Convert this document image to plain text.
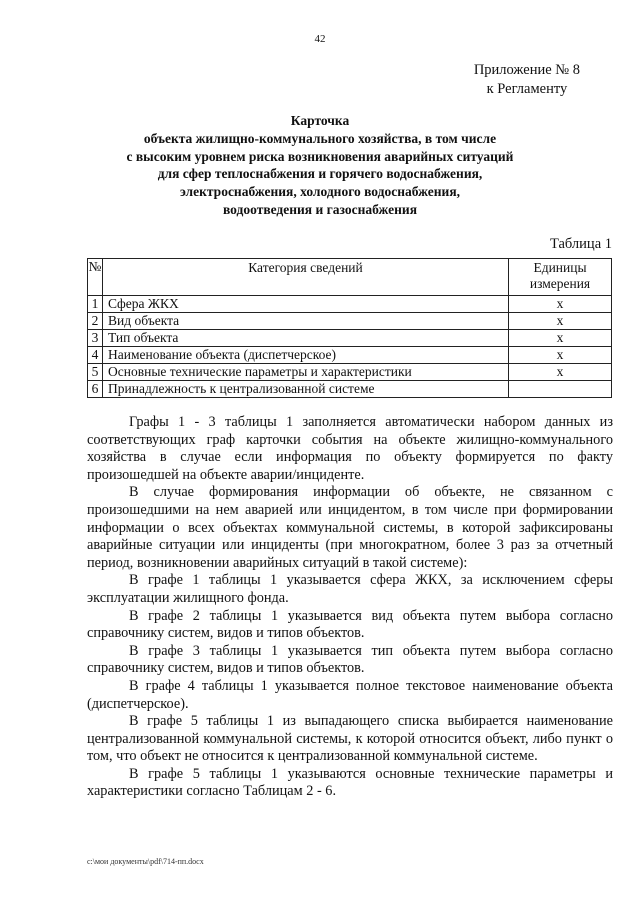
42
Приложение № 8
к Регламенту
Карточка
объекта жилищно-коммунального хозяйства, в том числе
с высоким уровнем риска возникновения аварийных ситуаций
для сфер теплоснабжения и горячего водоснабжения,
электроснабжения, холодного водоснабжения,
водоотведения и газоснабжения
Таблица 1
№	Категория сведений	Единицы измерения
1	Сфера ЖКХ	x
2	Вид объекта	x
3	Тип объекта	x
4	Наименование объекта (диспетчерское)	x
5	Основные технические параметры и характеристики	x
6	Принадлежность к централизованной системе	

Графы 1 - 3 таблицы 1 заполняется автоматически набором данных из соответствующих граф карточки события на объекте жилищно-коммунального хозяйства в случае если информация по объекту формируется по факту произошедшей на объекте аварии/инциденте.

В случае формирования информации об объекте, не связанном с произошедшими на нем аварией или инцидентом, в том числе при формировании информации о всех объектах коммунальной системы, в которой зафиксированы аварийные ситуации или инциденты (при многократном, более 3 раз за отчетный период, возникновении аварийных ситуаций в такой системе):

В графе 1 таблицы 1 указывается сфера ЖКХ, за исключением сферы эксплуатации жилищного фонда.

В графе 2 таблицы 1 указывается вид объекта путем выбора согласно справочнику систем, видов и типов объектов.

В графе 3 таблицы 1 указывается тип объекта путем выбора согласно справочнику систем, видов и типов объектов.

В графе 4 таблицы 1 указывается полное текстовое наименование объекта (диспетчерское).

В графе 5 таблицы 1 из выпадающего списка выбирается наименование централизованной коммунальной системы, к которой относится объект, либо пункт о том, что объект не относится к централизованной коммунальной системе.

В графе 5 таблицы 1 указываются основные технические параметры и характеристики согласно Таблицам 2 - 6.

c:\мои документы\pdf\714-пп.docx
